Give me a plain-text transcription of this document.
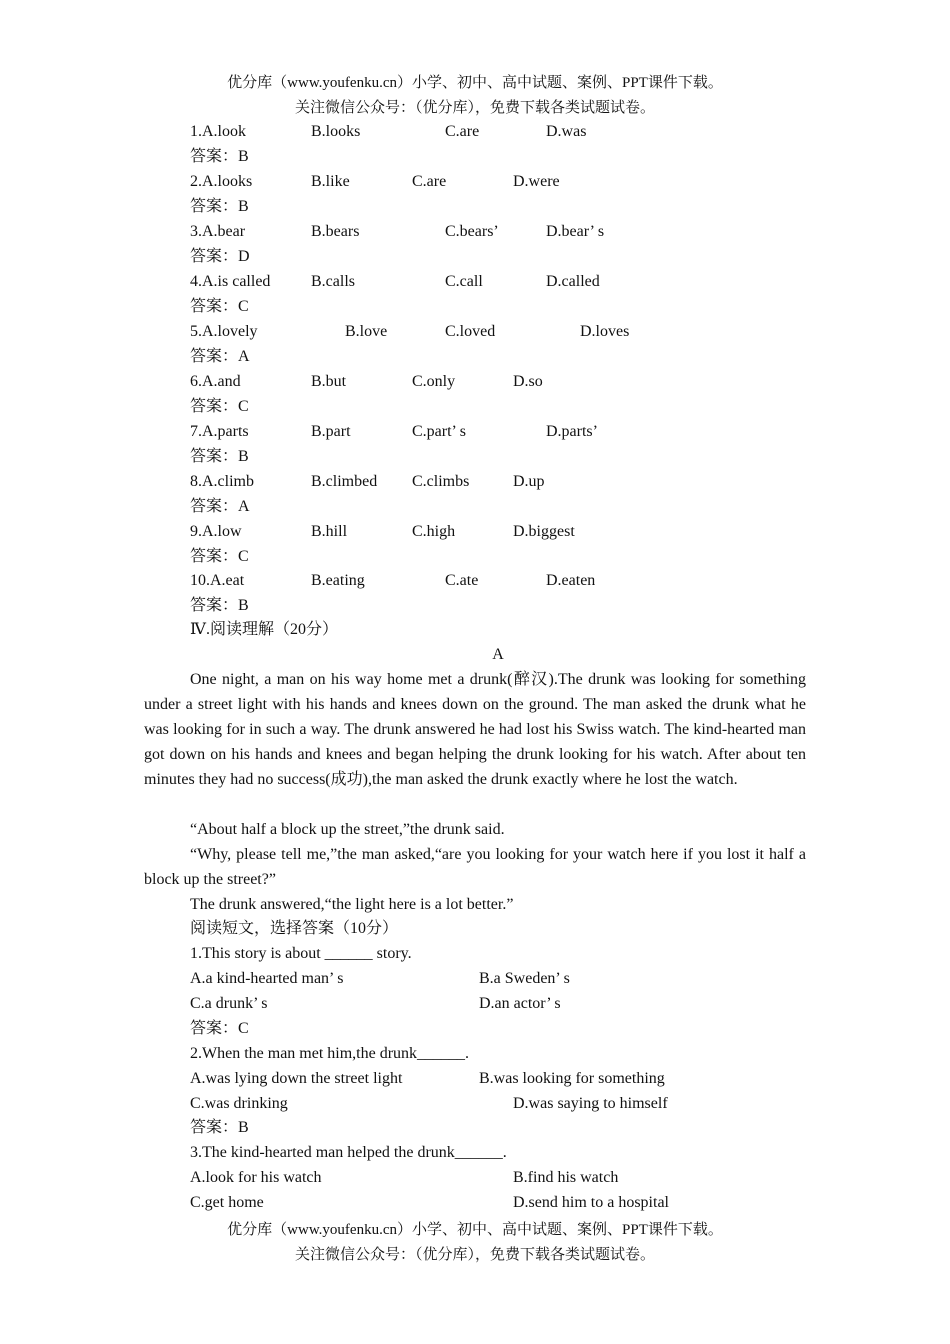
优分库（www.youfenku.cn）小学、初中、高中试题、案例、PPT课件下载。
关注微信公众号：（优分库），免费下载各类试题试卷。
1.A.look	B.looks	C.are	D.was
答案：B
2.A.looks	B.like	C.are	D.were
答案：B
3.A.bear	B.bears	C.bears’	D.bear’ s
答案：D
4.A.is called	B.calls	C.call	D.called
答案：C
5.A.lovely	B.love	C.loved	D.loves
答案：A
6.A.and	B.but	C.only	D.so
答案：C
7.A.parts	B.part	C.part’ s	D.parts’
答案：B
8.A.climb	B.climbed C.climbs	D.up
答案：A
9.A.low	B.hill	C.high	D.biggest
答案：C
10.A.eat	B.eating	C.ate	D.eaten
答案：B
Ⅳ.阅读理解（20分）
A
One night, a man on his way home met a drunk(醉汉).The drunk was looking for something under a street light with his hands and knees down on the ground. The man asked the drunk what he was looking for in such a way. The drunk answered he had lost his Swiss watch. The kind-hearted man got down on his hands and knees and began helping the drunk looking for his watch. After about ten minutes they had no success(成功),the man asked the drunk exactly where he lost the watch.
“About half a block up the street,”the drunk said.
“Why, please tell me,”the man asked,“are you looking for your watch here if you lost it half a block up the street?”
The drunk answered,“the light here is a lot better.”
阅读短文，选择答案（10分）
1.This story is about ______ story.
A.a kind-hearted man’ s	B.a Sweden’ s
C.a drunk’ s	D.an actor’ s
答案：C
2.When the man met him,the drunk______.
A.was lying down the street light	B.was looking for something
C.was drinking	D.was saying to himself
答案：B
3.The kind-hearted man helped the drunk______.
A.look for his watch	B.find his watch
C.get home	D.send him to a hospital
优分库（www.youfenku.cn）小学、初中、高中试题、案例、PPT课件下载。
关注微信公众号：（优分库），免费下载各类试题试卷。
